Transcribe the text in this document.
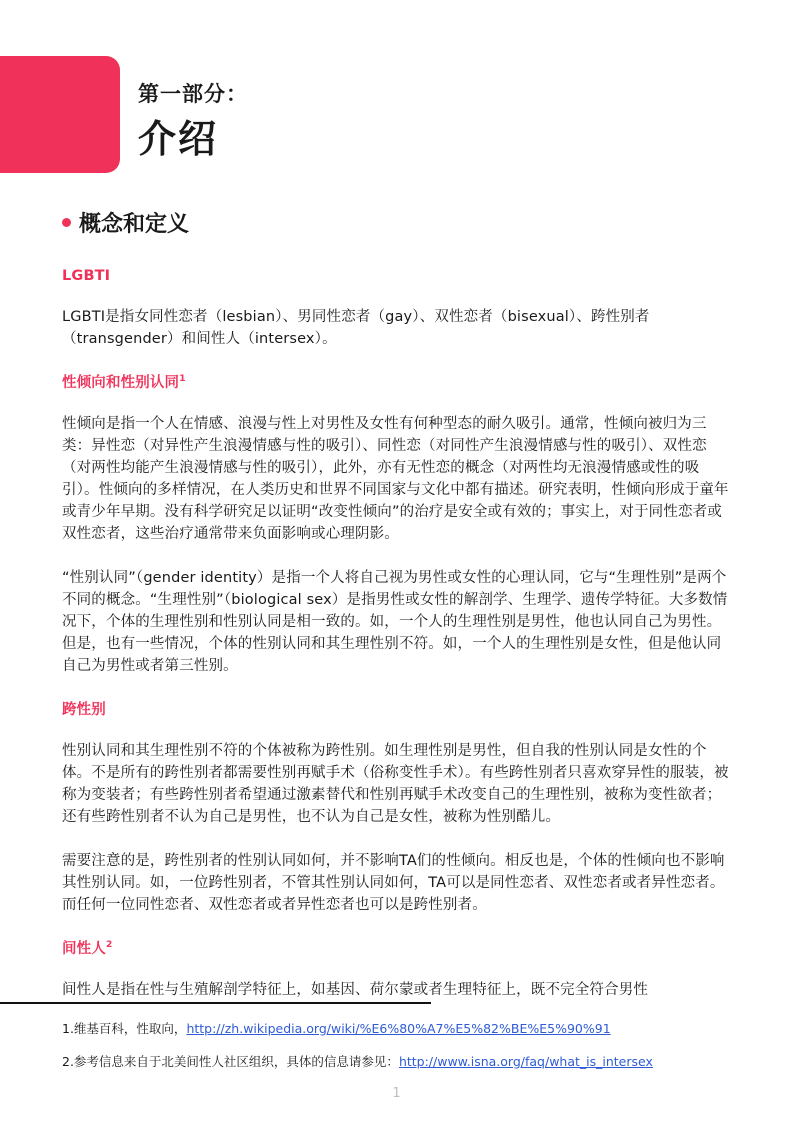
第一部分：
介绍
概念和定义
LGBTI

LGBTI是指女同性恋者（lesbian）、男同性恋者（gay）、双性恋者（bisexual）、跨性别者（transgender）和间性人（intersex）。

性倾向和性别认同$^1$

性倾向是指一个人在情感、浪漫与性上对男性及女性有何种型态的耐久吸引。通常，性倾向被归为三类：异性恋（对异性产生浪漫情感与性的吸引）、同性恋（对同性产生浪漫情感与性的吸引）、双性恋（对两性均能产生浪漫情感与性的吸引），此外，亦有无性恋的概念（对两性均无浪漫情感或性的吸引）。性倾向的多样情况，在人类历史和世界不同国家与文化中都有描述。研究表明，性倾向形成于童年或青少年早期。没有科学研究足以证明“改变性倾向”的治疗是安全或有效的；事实上，对于同性恋者或双性恋者，这些治疗通常带来负面影响或心理阴影。

“性别认同”（gender identity）是指一个人将自己视为男性或女性的心理认同，它与“生理性别”是两个不同的概念。“生理性别”（biological sex）是指男性或女性的解剖学、生理学、遗传学特征。大多数情况下，个体的生理性别和性别认同是相一致的。如，一个人的生理性别是男性，他也认同自己为男性。但是，也有一些情况，个体的性别认同和其生理性别不符。如，一个人的生理性别是女性，但是他认同自己为男性或者第三性别。

跨性别

性别认同和其生理性别不符的个体被称为跨性别。如生理性别是男性，但自我的性别认同是女性的个体。不是所有的跨性别者都需要性别再赋手术（俗称变性手术）。有些跨性别者只喜欢穿异性的服装，被称为变装者；有些跨性别者希望通过激素替代和性别再赋手术改变自己的生理性别，被称为变性欲者；还有些跨性别者不认为自己是男性，也不认为自己是女性，被称为性别酷儿。

需要注意的是，跨性别者的性别认同如何，并不影响TA们的性倾向。相反也是，个体的性倾向也不影响其性别认同。如，一位跨性别者，不管其性别认同如何，TA可以是同性恋者、双性恋者或者异性恋者。而任何一位同性恋者、双性恋者或者异性恋者也可以是跨性别者。

间性人$^2$

间性人是指在性与生殖解剖学特征上，如基因、荷尔蒙或者生理特征上，既不完全符合男性

1.维基百科，性取向，http://zh.wikipedia.org/wiki/%E6%80%A7%E5%82%BE%E5%90%91
2.参考信息来自于北美间性人社区组织，具体的信息请参见：http://www.isna.org/faq/what_is_intersex
1
